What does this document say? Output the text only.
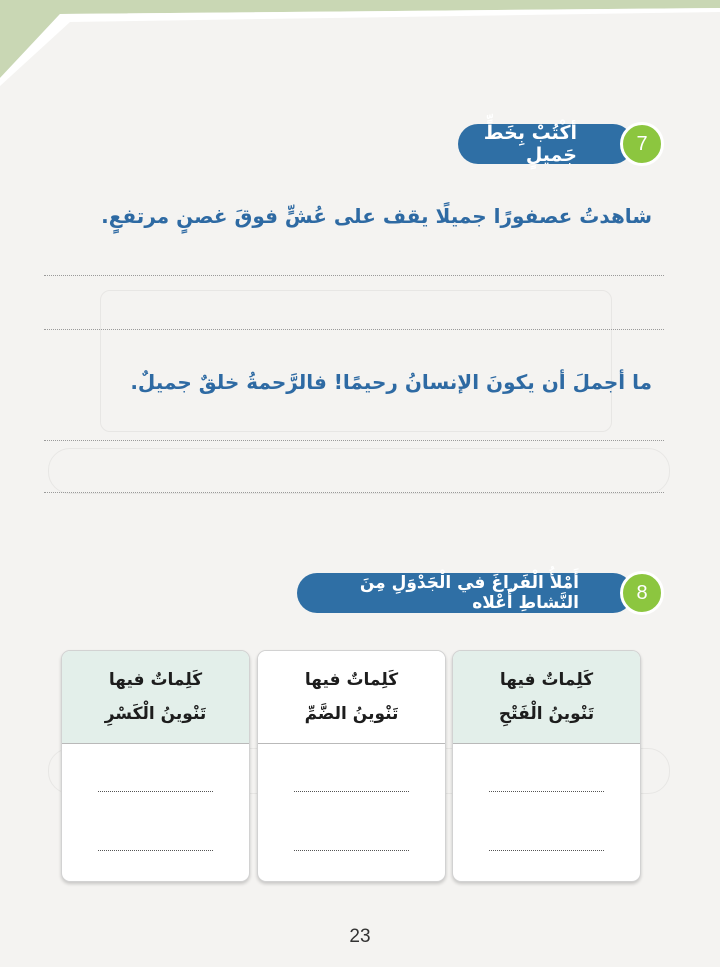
أكْتُبْ بِخَطٍّ جَميلٍ
7
شاهدتُ عصفورًا جميلًا يقف على عُشٍّ فوقَ غصنٍ مرتفعٍ.
ما أجملَ أن يكونَ الإنسانُ رحيمًا! فالرَّحمةُ خلقٌ جميلٌ.
أَمْلأُ الْفَراغَ في الْجَدْوَلِ مِنَ النَّشاطِ أَعْلاه	8
كَلِماتٌ فيها
تَنْوينُ الْفَتْحِ
كَلِماتٌ فيها
تَنْوينُ الضَّمِّ
كَلِماتٌ فيها
تَنْوينُ الْكَسْرِ
23
